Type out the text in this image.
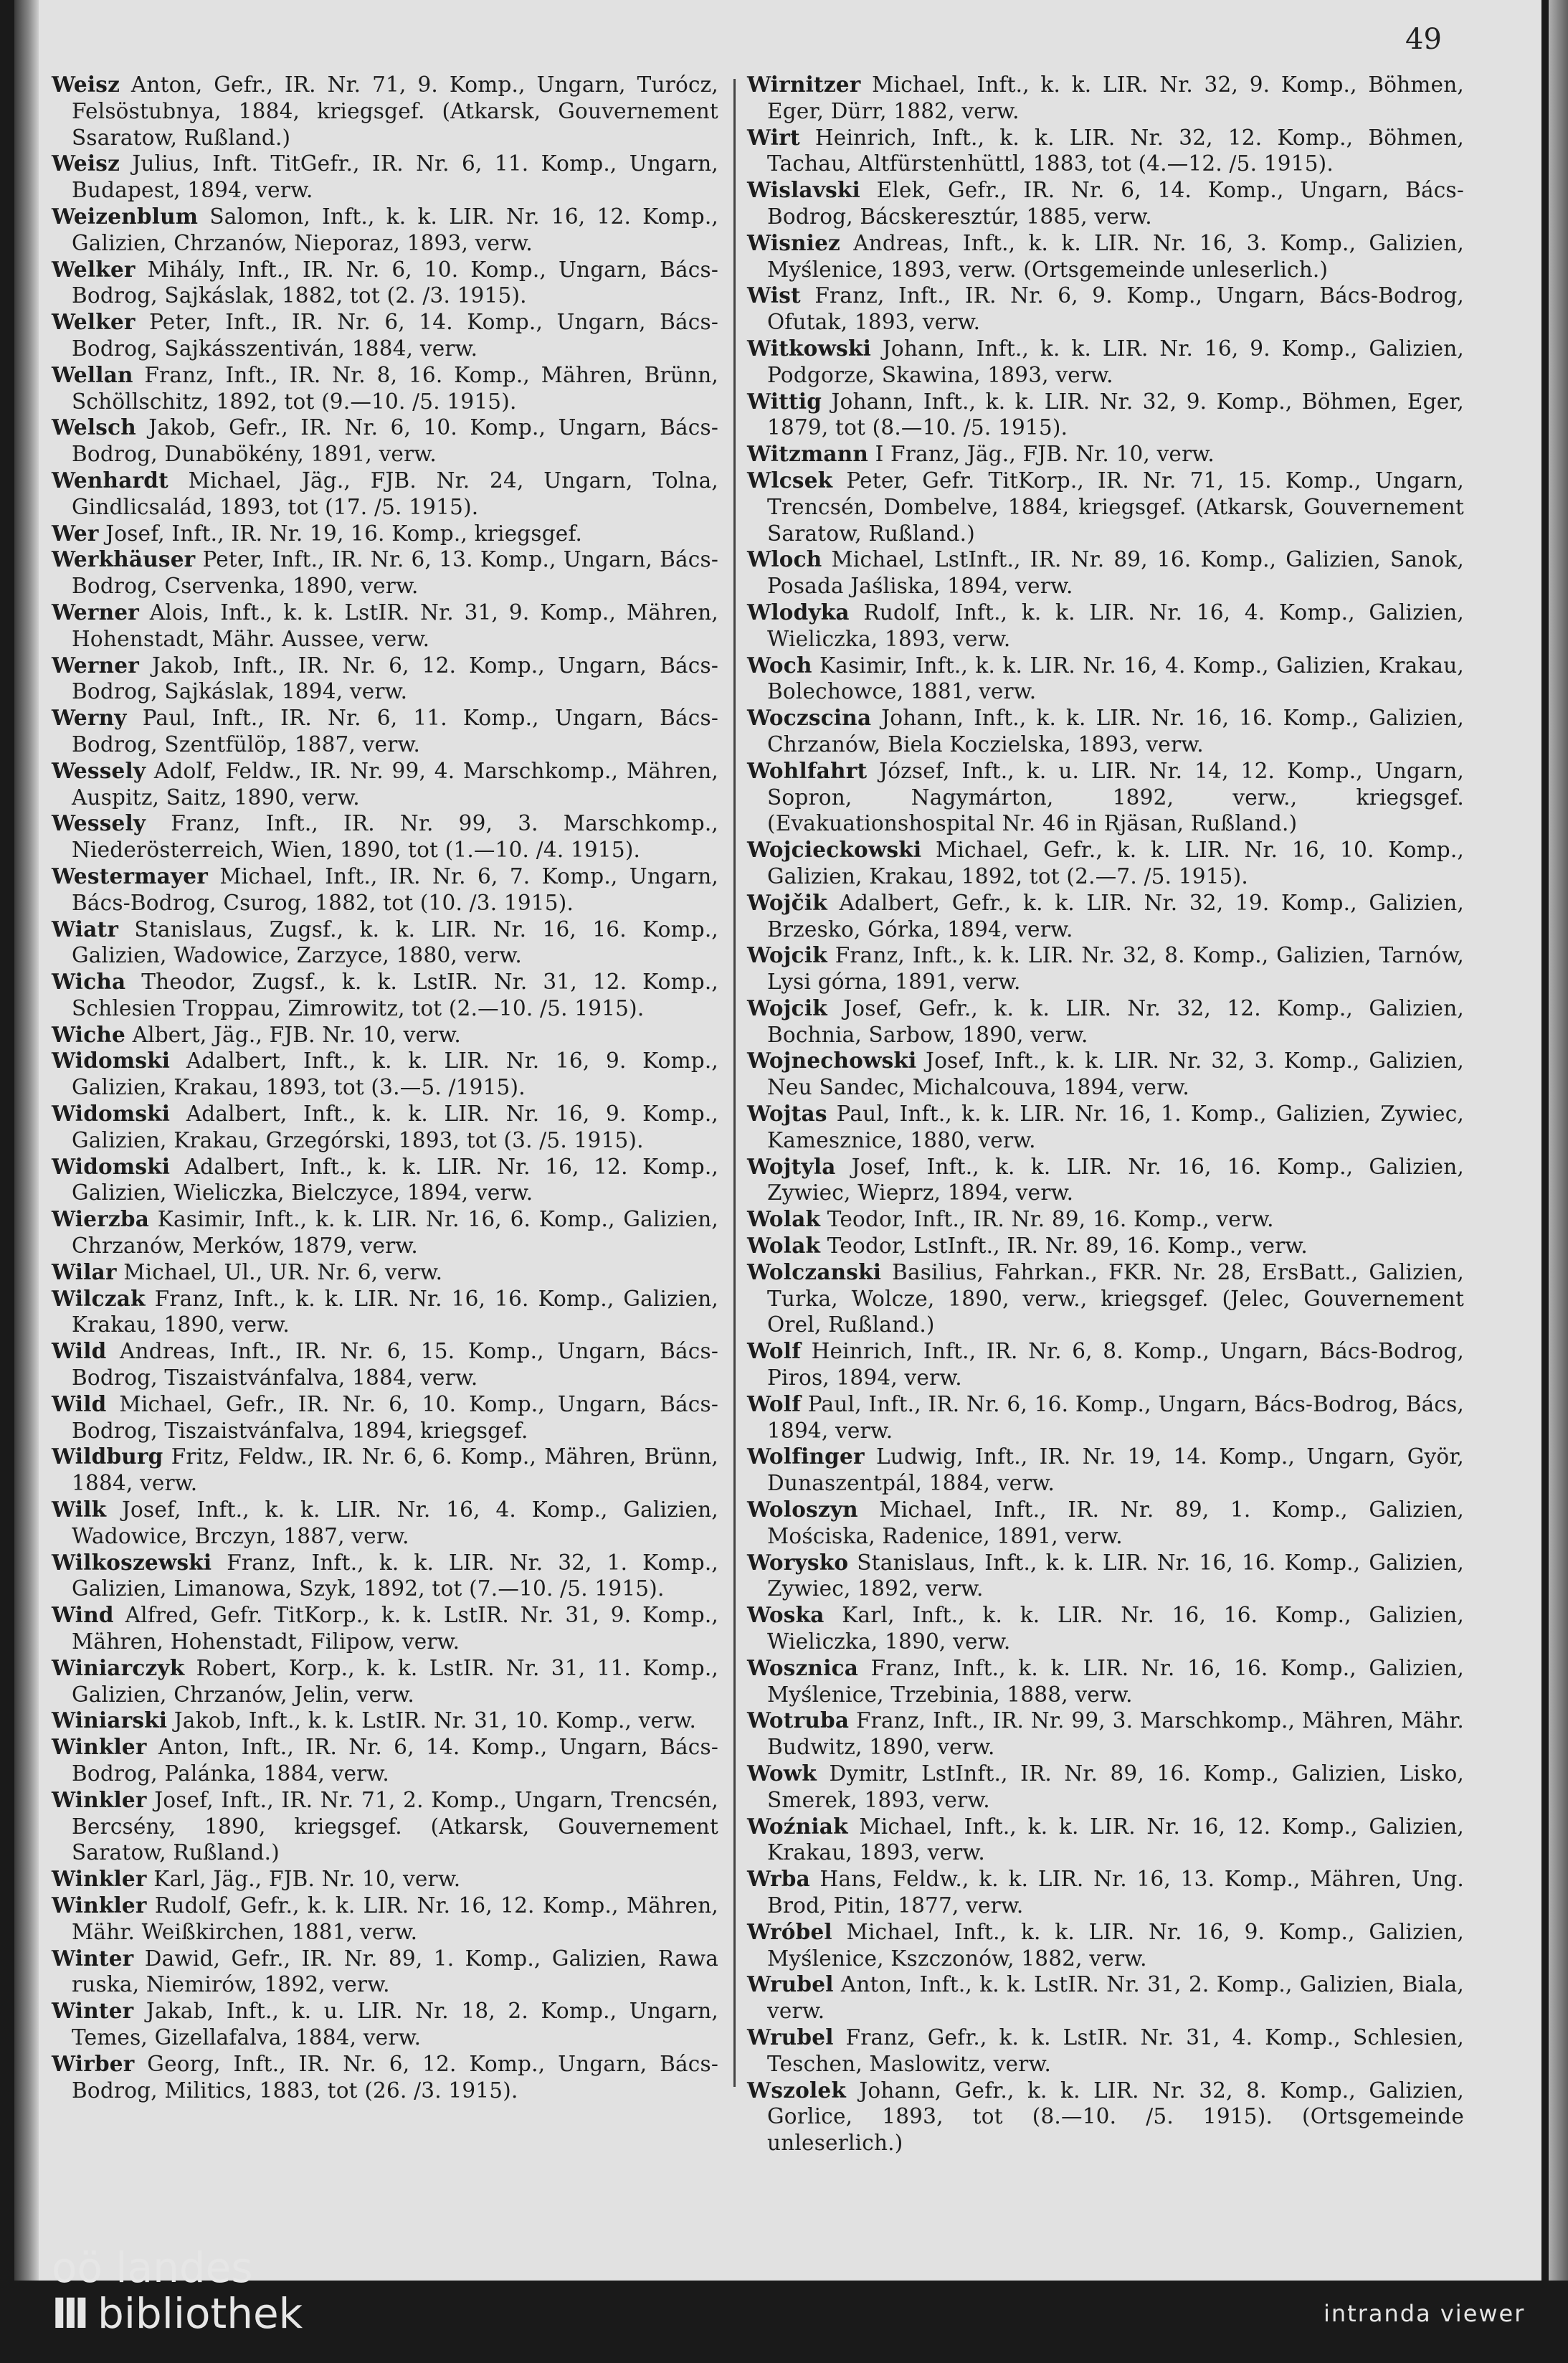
49

Weisz Anton, Gefr., IR. Nr. 71, 9. Komp., Ungarn, Turócz, Felsöstubnya, 1884, kriegsgef. (Atkarsk, Gouvernement Ssaratow, Rußland.)

Weisz Julius, Inft. TitGefr., IR. Nr. 6, 11. Komp., Ungarn, Budapest, 1894, verw.

Weizenblum Salomon, Inft., k. k. LIR. Nr. 16, 12. Komp., Galizien, Chrzanów, Nieporaz, 1893, verw.

Welker Mihály, Inft., IR. Nr. 6, 10. Komp., Ungarn, Bács-Bodrog, Sajkáslak, 1882, tot (2. /3. 1915).

Welker Peter, Inft., IR. Nr. 6, 14. Komp., Ungarn, Bács-Bodrog, Sajkásszentiván, 1884, verw.

Wellan Franz, Inft., IR. Nr. 8, 16. Komp., Mähren, Brünn, Schöllschitz, 1892, tot (9.—10. /5. 1915).

Welsch Jakob, Gefr., IR. Nr. 6, 10. Komp., Ungarn, Bács-Bodrog, Dunabökény, 1891, verw.

Wenhardt Michael, Jäg., FJB. Nr. 24, Ungarn, Tolna, Gindlicsalád, 1893, tot (17. /5. 1915).

Wer Josef, Inft., IR. Nr. 19, 16. Komp., kriegsgef.

Werkhäuser Peter, Inft., IR. Nr. 6, 13. Komp., Ungarn, Bács-Bodrog, Cservenka, 1890, verw.

Werner Alois, Inft., k. k. LstIR. Nr. 31, 9. Komp., Mähren, Hohenstadt, Mähr. Aussee, verw.

Werner Jakob, Inft., IR. Nr. 6, 12. Komp., Ungarn, Bács-Bodrog, Sajkáslak, 1894, verw.

Werny Paul, Inft., IR. Nr. 6, 11. Komp., Ungarn, Bács-Bodrog, Szentfülöp, 1887, verw.

Wessely Adolf, Feldw., IR. Nr. 99, 4. Marschkomp., Mähren, Auspitz, Saitz, 1890, verw.

Wessely Franz, Inft., IR. Nr. 99, 3. Marschkomp., Niederösterreich, Wien, 1890, tot (1.—10. /4. 1915).

Westermayer Michael, Inft., IR. Nr. 6, 7. Komp., Ungarn, Bács-Bodrog, Csurog, 1882, tot (10. /3. 1915).

Wiatr Stanislaus, Zugsf., k. k. LIR. Nr. 16, 16. Komp., Galizien, Wadowice, Zarzyce, 1880, verw.

Wicha Theodor, Zugsf., k. k. LstIR. Nr. 31, 12. Komp., Schlesien Troppau, Zimrowitz, tot (2.—10. /5. 1915).

Wiche Albert, Jäg., FJB. Nr. 10, verw.

Widomski Adalbert, Inft., k. k. LIR. Nr. 16, 9. Komp., Galizien, Krakau, 1893, tot (3.—5. /1915).

Widomski Adalbert, Inft., k. k. LIR. Nr. 16, 9. Komp., Galizien, Krakau, Grzegórski, 1893, tot (3. /5. 1915).

Widomski Adalbert, Inft., k. k. LIR. Nr. 16, 12. Komp., Galizien, Wieliczka, Bielczyce, 1894, verw.

Wierzba Kasimir, Inft., k. k. LIR. Nr. 16, 6. Komp., Galizien, Chrzanów, Merków, 1879, verw.

Wilar Michael, Ul., UR. Nr. 6, verw.

Wilczak Franz, Inft., k. k. LIR. Nr. 16, 16. Komp., Galizien, Krakau, 1890, verw.

Wild Andreas, Inft., IR. Nr. 6, 15. Komp., Ungarn, Bács-Bodrog, Tiszaistvánfalva, 1884, verw.

Wild Michael, Gefr., IR. Nr. 6, 10. Komp., Ungarn, Bács-Bodrog, Tiszaistvánfalva, 1894, kriegsgef.

Wildburg Fritz, Feldw., IR. Nr. 6, 6. Komp., Mähren, Brünn, 1884, verw.

Wilk Josef, Inft., k. k. LIR. Nr. 16, 4. Komp., Galizien, Wadowice, Brczyn, 1887, verw.

Wilkoszewski Franz, Inft., k. k. LIR. Nr. 32, 1. Komp., Galizien, Limanowa, Szyk, 1892, tot (7.—10. /5. 1915).

Wind Alfred, Gefr. TitKorp., k. k. LstIR. Nr. 31, 9. Komp., Mähren, Hohenstadt, Filipow, verw.

Winiarczyk Robert, Korp., k. k. LstIR. Nr. 31, 11. Komp., Galizien, Chrzanów, Jelin, verw.

Winiarski Jakob, Inft., k. k. LstIR. Nr. 31, 10. Komp., verw.

Winkler Anton, Inft., IR. Nr. 6, 14. Komp., Ungarn, Bács-Bodrog, Palánka, 1884, verw.

Winkler Josef, Inft., IR. Nr. 71, 2. Komp., Ungarn, Trencsén, Bercsény, 1890, kriegsgef. (Atkarsk, Gouvernement Saratow, Rußland.)

Winkler Karl, Jäg., FJB. Nr. 10, verw.

Winkler Rudolf, Gefr., k. k. LIR. Nr. 16, 12. Komp., Mähren, Mähr. Weißkirchen, 1881, verw.

Winter Dawid, Gefr., IR. Nr. 89, 1. Komp., Galizien, Rawa ruska, Niemirów, 1892, verw.

Winter Jakab, Inft., k. u. LIR. Nr. 18, 2. Komp., Ungarn, Temes, Gizellafalva, 1884, verw.

Wirber Georg, Inft., IR. Nr. 6, 12. Komp., Ungarn, Bács-Bodrog, Militics, 1883, tot (26. /3. 1915).

Wirnitzer Michael, Inft., k. k. LIR. Nr. 32, 9. Komp., Böhmen, Eger, Dürr, 1882, verw.

Wirt Heinrich, Inft., k. k. LIR. Nr. 32, 12. Komp., Böhmen, Tachau, Altfürstenhüttl, 1883, tot (4.—12. /5. 1915).

Wislavski Elek, Gefr., IR. Nr. 6, 14. Komp., Ungarn, Bács-Bodrog, Bácskeresztúr, 1885, verw.

Wisniez Andreas, Inft., k. k. LIR. Nr. 16, 3. Komp., Galizien, Myślenice, 1893, verw. (Ortsgemeinde unleserlich.)

Wist Franz, Inft., IR. Nr. 6, 9. Komp., Ungarn, Bács-Bodrog, Ofutak, 1893, verw.

Witkowski Johann, Inft., k. k. LIR. Nr. 16, 9. Komp., Galizien, Podgorze, Skawina, 1893, verw.

Wittig Johann, Inft., k. k. LIR. Nr. 32, 9. Komp., Böhmen, Eger, 1879, tot (8.—10. /5. 1915).

Witzmann I Franz, Jäg., FJB. Nr. 10, verw.

Wlcsek Peter, Gefr. TitKorp., IR. Nr. 71, 15. Komp., Ungarn, Trencsén, Dombelve, 1884, kriegsgef. (Atkarsk, Gouvernement Saratow, Rußland.)

Wloch Michael, LstInft., IR. Nr. 89, 16. Komp., Galizien, Sanok, Posada Jaśliska, 1894, verw.

Wlodyka Rudolf, Inft., k. k. LIR. Nr. 16, 4. Komp., Galizien, Wieliczka, 1893, verw.

Woch Kasimir, Inft., k. k. LIR. Nr. 16, 4. Komp., Galizien, Krakau, Bolechowce, 1881, verw.

Woczscina Johann, Inft., k. k. LIR. Nr. 16, 16. Komp., Galizien, Chrzanów, Biela Koczielska, 1893, verw.

Wohlfahrt József, Inft., k. u. LIR. Nr. 14, 12. Komp., Ungarn, Sopron, Nagymárton, 1892, verw., kriegsgef. (Evakuationshospital Nr. 46 in Rjäsan, Rußland.)

Wojcieckowski Michael, Gefr., k. k. LIR. Nr. 16, 10. Komp., Galizien, Krakau, 1892, tot (2.—7. /5. 1915).

Wojčik Adalbert, Gefr., k. k. LIR. Nr. 32, 19. Komp., Galizien, Brzesko, Górka, 1894, verw.

Wojcik Franz, Inft., k. k. LIR. Nr. 32, 8. Komp., Galizien, Tarnów, Lysi górna, 1891, verw.

Wojcik Josef, Gefr., k. k. LIR. Nr. 32, 12. Komp., Galizien, Bochnia, Sarbow, 1890, verw.

Wojnechowski Josef, Inft., k. k. LIR. Nr. 32, 3. Komp., Galizien, Neu Sandec, Michalcouva, 1894, verw.

Wojtas Paul, Inft., k. k. LIR. Nr. 16, 1. Komp., Galizien, Zywiec, Kamesznice, 1880, verw.

Wojtyla Josef, Inft., k. k. LIR. Nr. 16, 16. Komp., Galizien, Zywiec, Wieprz, 1894, verw.

Wolak Teodor, Inft., IR. Nr. 89, 16. Komp., verw.

Wolak Teodor, LstInft., IR. Nr. 89, 16. Komp., verw.

Wolczanski Basilius, Fahrkan., FKR. Nr. 28, ErsBatt., Galizien, Turka, Wolcze, 1890, verw., kriegsgef. (Jelec, Gouvernement Orel, Rußland.)

Wolf Heinrich, Inft., IR. Nr. 6, 8. Komp., Ungarn, Bács-Bodrog, Piros, 1894, verw.

Wolf Paul, Inft., IR. Nr. 6, 16. Komp., Ungarn, Bács-Bodrog, Bács, 1894, verw.

Wolfinger Ludwig, Inft., IR. Nr. 19, 14. Komp., Ungarn, Györ, Dunaszentpál, 1884, verw.

Woloszyn Michael, Inft., IR. Nr. 89, 1. Komp., Galizien, Mościska, Radenice, 1891, verw.

Worysko Stanislaus, Inft., k. k. LIR. Nr. 16, 16. Komp., Galizien, Zywiec, 1892, verw.

Woska Karl, Inft., k. k. LIR. Nr. 16, 16. Komp., Galizien, Wieliczka, 1890, verw.

Wosznica Franz, Inft., k. k. LIR. Nr. 16, 16. Komp., Galizien, Myślenice, Trzebinia, 1888, verw.

Wotruba Franz, Inft., IR. Nr. 99, 3. Marschkomp., Mähren, Mähr. Budwitz, 1890, verw.

Wowk Dymitr, LstInft., IR. Nr. 89, 16. Komp., Galizien, Lisko, Smerek, 1893, verw.

Woźniak Michael, Inft., k. k. LIR. Nr. 16, 12. Komp., Galizien, Krakau, 1893, verw.

Wrba Hans, Feldw., k. k. LIR. Nr. 16, 13. Komp., Mähren, Ung. Brod, Pitin, 1877, verw.

Wróbel Michael, Inft., k. k. LIR. Nr. 16, 9. Komp., Galizien, Myślenice, Kszczonów, 1882, verw.

Wrubel Anton, Inft., k. k. LstIR. Nr. 31, 2. Komp., Galizien, Biala, verw.

Wrubel Franz, Gefr., k. k. LstIR. Nr. 31, 4. Komp., Schlesien, Teschen, Maslowitz, verw.

Wszolek Johann, Gefr., k. k. LIR. Nr. 32, 8. Komp., Galizien, Gorlice, 1893, tot (8.—10. /5. 1915). (Ortsgemeinde unleserlich.)

oö landes
III bibliothek	intranda viewer
